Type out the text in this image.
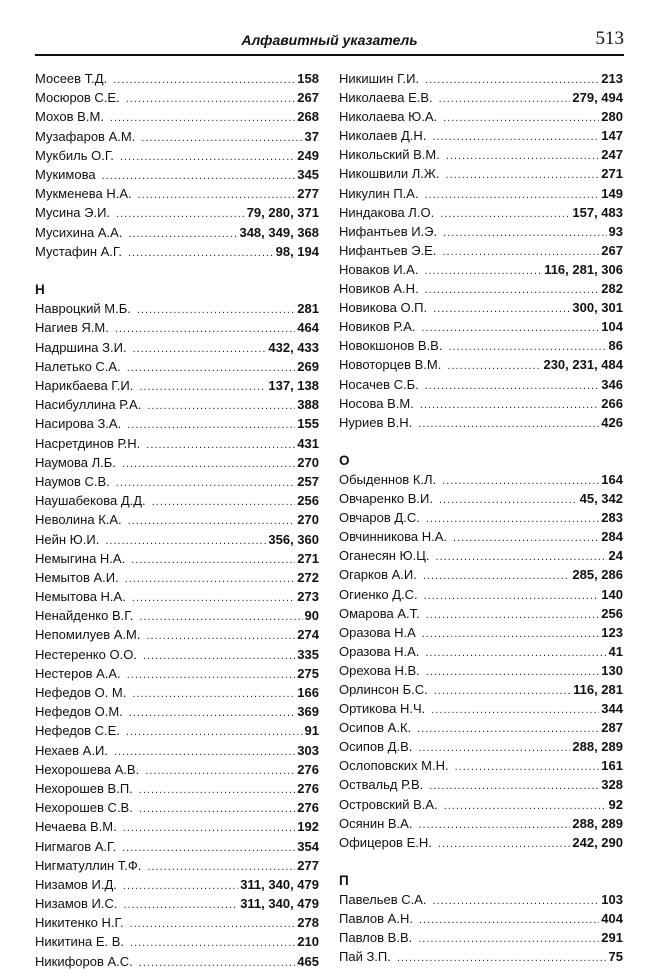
Алфавитный указатель	513
Мосеев Т.Д. .....	158
Мосюров С.Е. .....	267
Мохов В.М. .....	268
Музафаров А.М. .....	37
Мукбиль О.Г. .....	249
Мукимова .....	345
Мукменева Н.А. .....	277
Мусина Э.И. .....	79, 280, 371
Мусихина А.А. .....	348, 349, 368
Мустафин А.Г. .....	98, 194
Н
Навроцкий М.Б. .....	281
Нагиев Я.М. .....	464
Надршина З.И. .....	432, 433
Налетько С.А. .....	269
Нарикбаева Г.И. .....	137, 138
Насибуллина Р.А. .....	388
Насирова З.А. .....	155
Насретдинов Р.Н. .....	431
Наумова Л.Б. .....	270
Наумов С.В. .....	257
Наушабекова Д.Д. .....	256
Неволина К.А. .....	270
Нейн Ю.И. .....	356, 360
Немыгина Н.А. .....	271
Немытов А.И. .....	272
Немытова Н.А. .....	273
Ненайденко В.Г. .....	90
Непомилуев А.М. .....	274
Нестеренко О.О. .....	335
Нестеров А.А. .....	275
Нефедов О. М. .....	166
Нефедов О.М. .....	369
Нефедов С.Е. .....	91
Нехаев А.И. .....	303
Нехорошева А.В. .....	276
Нехорошев В.П. .....	276
Нехорошев С.В. .....	276
Нечаева В.М. .....	192
Нигмагов А.Г. .....	354
Нигматуллин Т.Ф. .....	277
Низамов И.Д. .....	311, 340, 479
Низамов И.С. .....	311, 340, 479
Никитенко Н.Г. .....	278
Никитина Е. В. .....	210
Никифоров А.С. .....	465
Никишин Г.И. .....	213
Николаева Е.В. .....	279, 494
Николаева Ю.А. .....	280
Николаев Д.Н. .....	147
Никольский В.М. .....	247
Никошвили Л.Ж. .....	271
Никулин П.А. .....	149
Ниндакова Л.О. .....	157, 483
Нифантьев И.Э. .....	93
Нифантьев Э.Е. .....	267
Новаков И.А. .....	116, 281, 306
Новиков А.Н. .....	282
Новикова О.П. .....	300, 301
Новиков Р.А. .....	104
Новокшонов В.В. .....	86
Новоторцев В.М. .....	230, 231, 484
Носачев С.Б. .....	346
Носова В.М. .....	266
Нуриев В.Н. .....	426
О
Обыденнов К.Л. .....	164
Овчаренко В.И. .....	45, 342
Овчаров Д.С. .....	283
Овчинникова Н.А. .....	284
Оганесян Ю.Ц. .....	24
Огарков А.И. .....	285, 286
Огиенко Д.С. .....	140
Омарова А.Т. .....	256
Оразова Н.А .....	123
Оразова Н.А. .....	41
Орехова Н.В. .....	130
Орлинсон Б.С. .....	116, 281
Ортикова Н.Ч. .....	344
Осипов А.К. .....	287
Осипов Д.В. .....	288, 289
Ослоповских М.Н. .....	161
Оствальд Р.В. .....	328
Островский В.А. .....	92
Осянин В.А. .....	288, 289
Офицеров Е.Н. .....	242, 290
П
Павельев С.А. .....	103
Павлов А.Н. .....	404
Павлов В.В. .....	291
Пай З.П. .....	75
